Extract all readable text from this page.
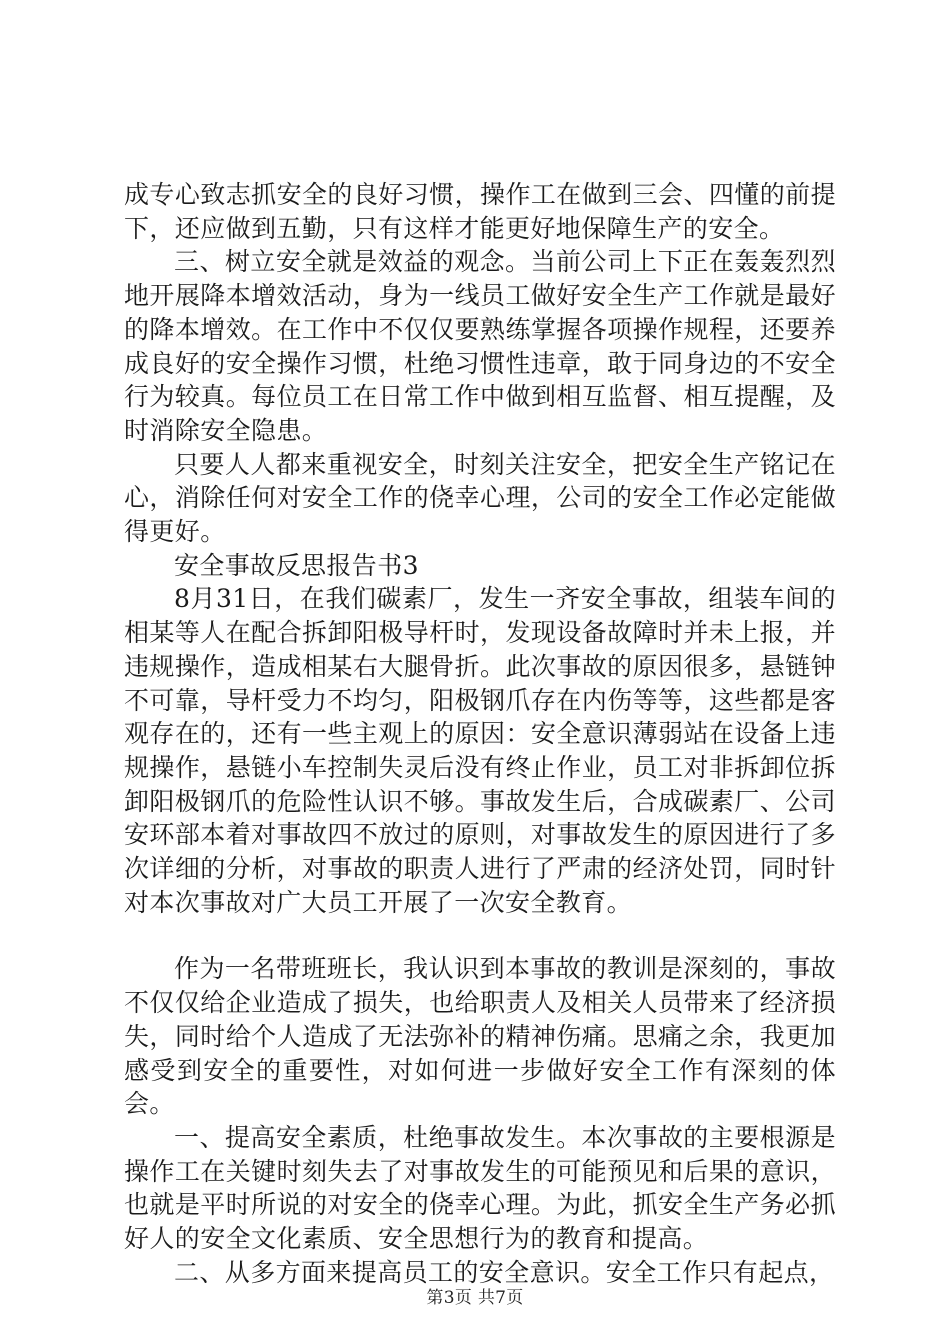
成专心致志抓安全的良好习惯，操作工在做到三会、四懂的前提下，还应做到五勤，只有这样才能更好地保障生产的安全。

三、树立安全就是效益的观念。当前公司上下正在轰轰烈烈地开展降本增效活动，身为一线员工做好安全生产工作就是最好的降本增效。在工作中不仅仅要熟练掌握各项操作规程，还要养成良好的安全操作习惯，杜绝习惯性违章，敢于同身边的不安全行为较真。每位员工在日常工作中做到相互监督、相互提醒，及时消除安全隐患。

只要人人都来重视安全，时刻关注安全，把安全生产铭记在心，消除任何对安全工作的侥幸心理，公司的安全工作必定能做得更好。

安全事故反思报告书3

8月31日，在我们碳素厂，发生一齐安全事故，组装车间的相某等人在配合拆卸阳极导杆时，发现设备故障时并未上报，并违规操作，造成相某右大腿骨折。此次事故的原因很多，悬链钟不可靠，导杆受力不均匀，阳极钢爪存在内伤等等，这些都是客观存在的，还有一些主观上的原因：安全意识薄弱站在设备上违规操作，悬链小车控制失灵后没有终止作业，员工对非拆卸位拆卸阳极钢爪的危险性认识不够。事故发生后，合成碳素厂、公司安环部本着对事故四不放过的原则，对事故发生的原因进行了多次详细的分析，对事故的职责人进行了严肃的经济处罚，同时针对本次事故对广大员工开展了一次安全教育。

作为一名带班班长，我认识到本事故的教训是深刻的，事故不仅仅给企业造成了损失，也给职责人及相关人员带来了经济损失，同时给个人造成了无法弥补的精神伤痛。思痛之余，我更加感受到安全的重要性，对如何进一步做好安全工作有深刻的体会。

一、提高安全素质，杜绝事故发生。本次事故的主要根源是操作工在关键时刻失去了对事故发生的可能预见和后果的意识，也就是平时所说的对安全的侥幸心理。为此，抓安全生产务必抓好人的安全文化素质、安全思想行为的教育和提高。

二、从多方面来提高员工的安全意识。安全工作只有起点，

第3页 共7页
